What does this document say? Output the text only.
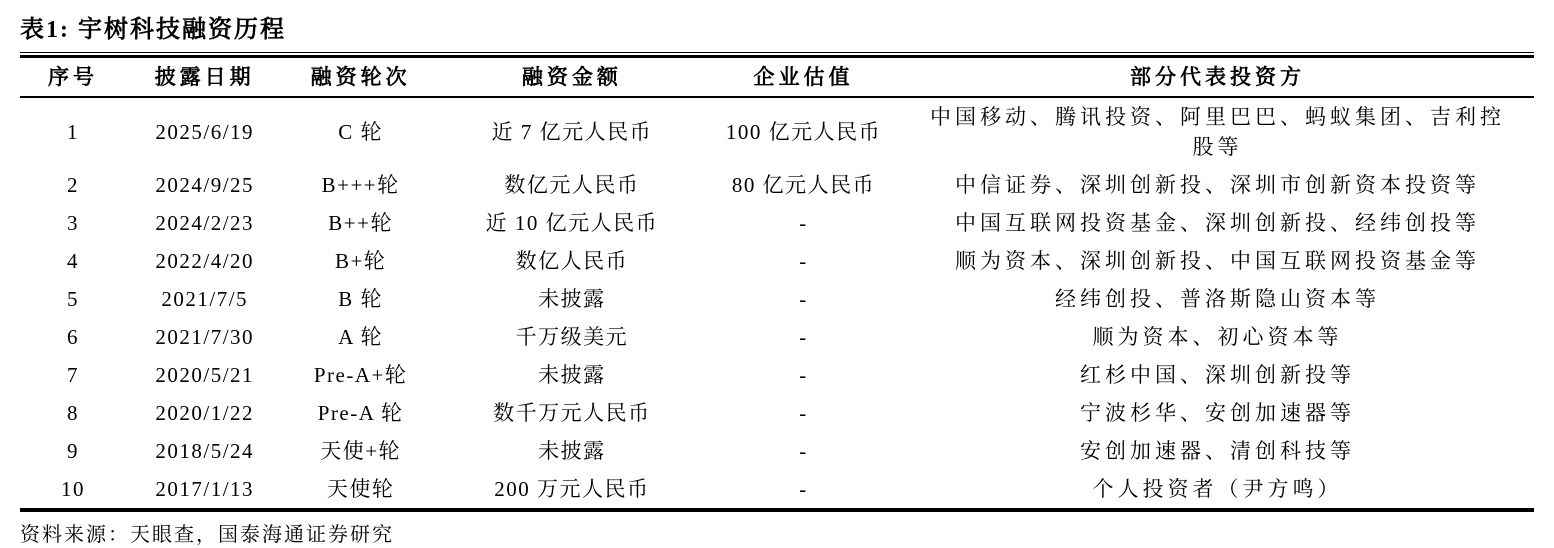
表1: 宇树科技融资历程
序号	披露日期	融资轮次	融资金额	企业估值	部分代表投资方
1	2025/6/19	C 轮	近 7 亿元人民币	100 亿元人民币	中国移动、腾讯投资、阿里巴巴、蚂蚁集团、吉利控股等
2	2024/9/25	B+++轮	数亿元人民币	80 亿元人民币	中信证券、深圳创新投、深圳市创新资本投资等
3	2024/2/23	B++轮	近 10 亿元人民币	-	中国互联网投资基金、深圳创新投、经纬创投等
4	2022/4/20	B+轮	数亿人民币	-	顺为资本、深圳创新投、中国互联网投资基金等
5	2021/7/5	B 轮	未披露	-	经纬创投、普洛斯隐山资本等
6	2021/7/30	A 轮	千万级美元	-	顺为资本、初心资本等
7	2020/5/21	Pre-A+轮	未披露	-	红杉中国、深圳创新投等
8	2020/1/22	Pre-A 轮	数千万元人民币	-	宁波杉华、安创加速器等
9	2018/5/24	天使+轮	未披露	-	安创加速器、清创科技等
10	2017/1/13	天使轮	200 万元人民币	-	个人投资者（尹方鸣）
资料来源：天眼查，国泰海通证券研究
